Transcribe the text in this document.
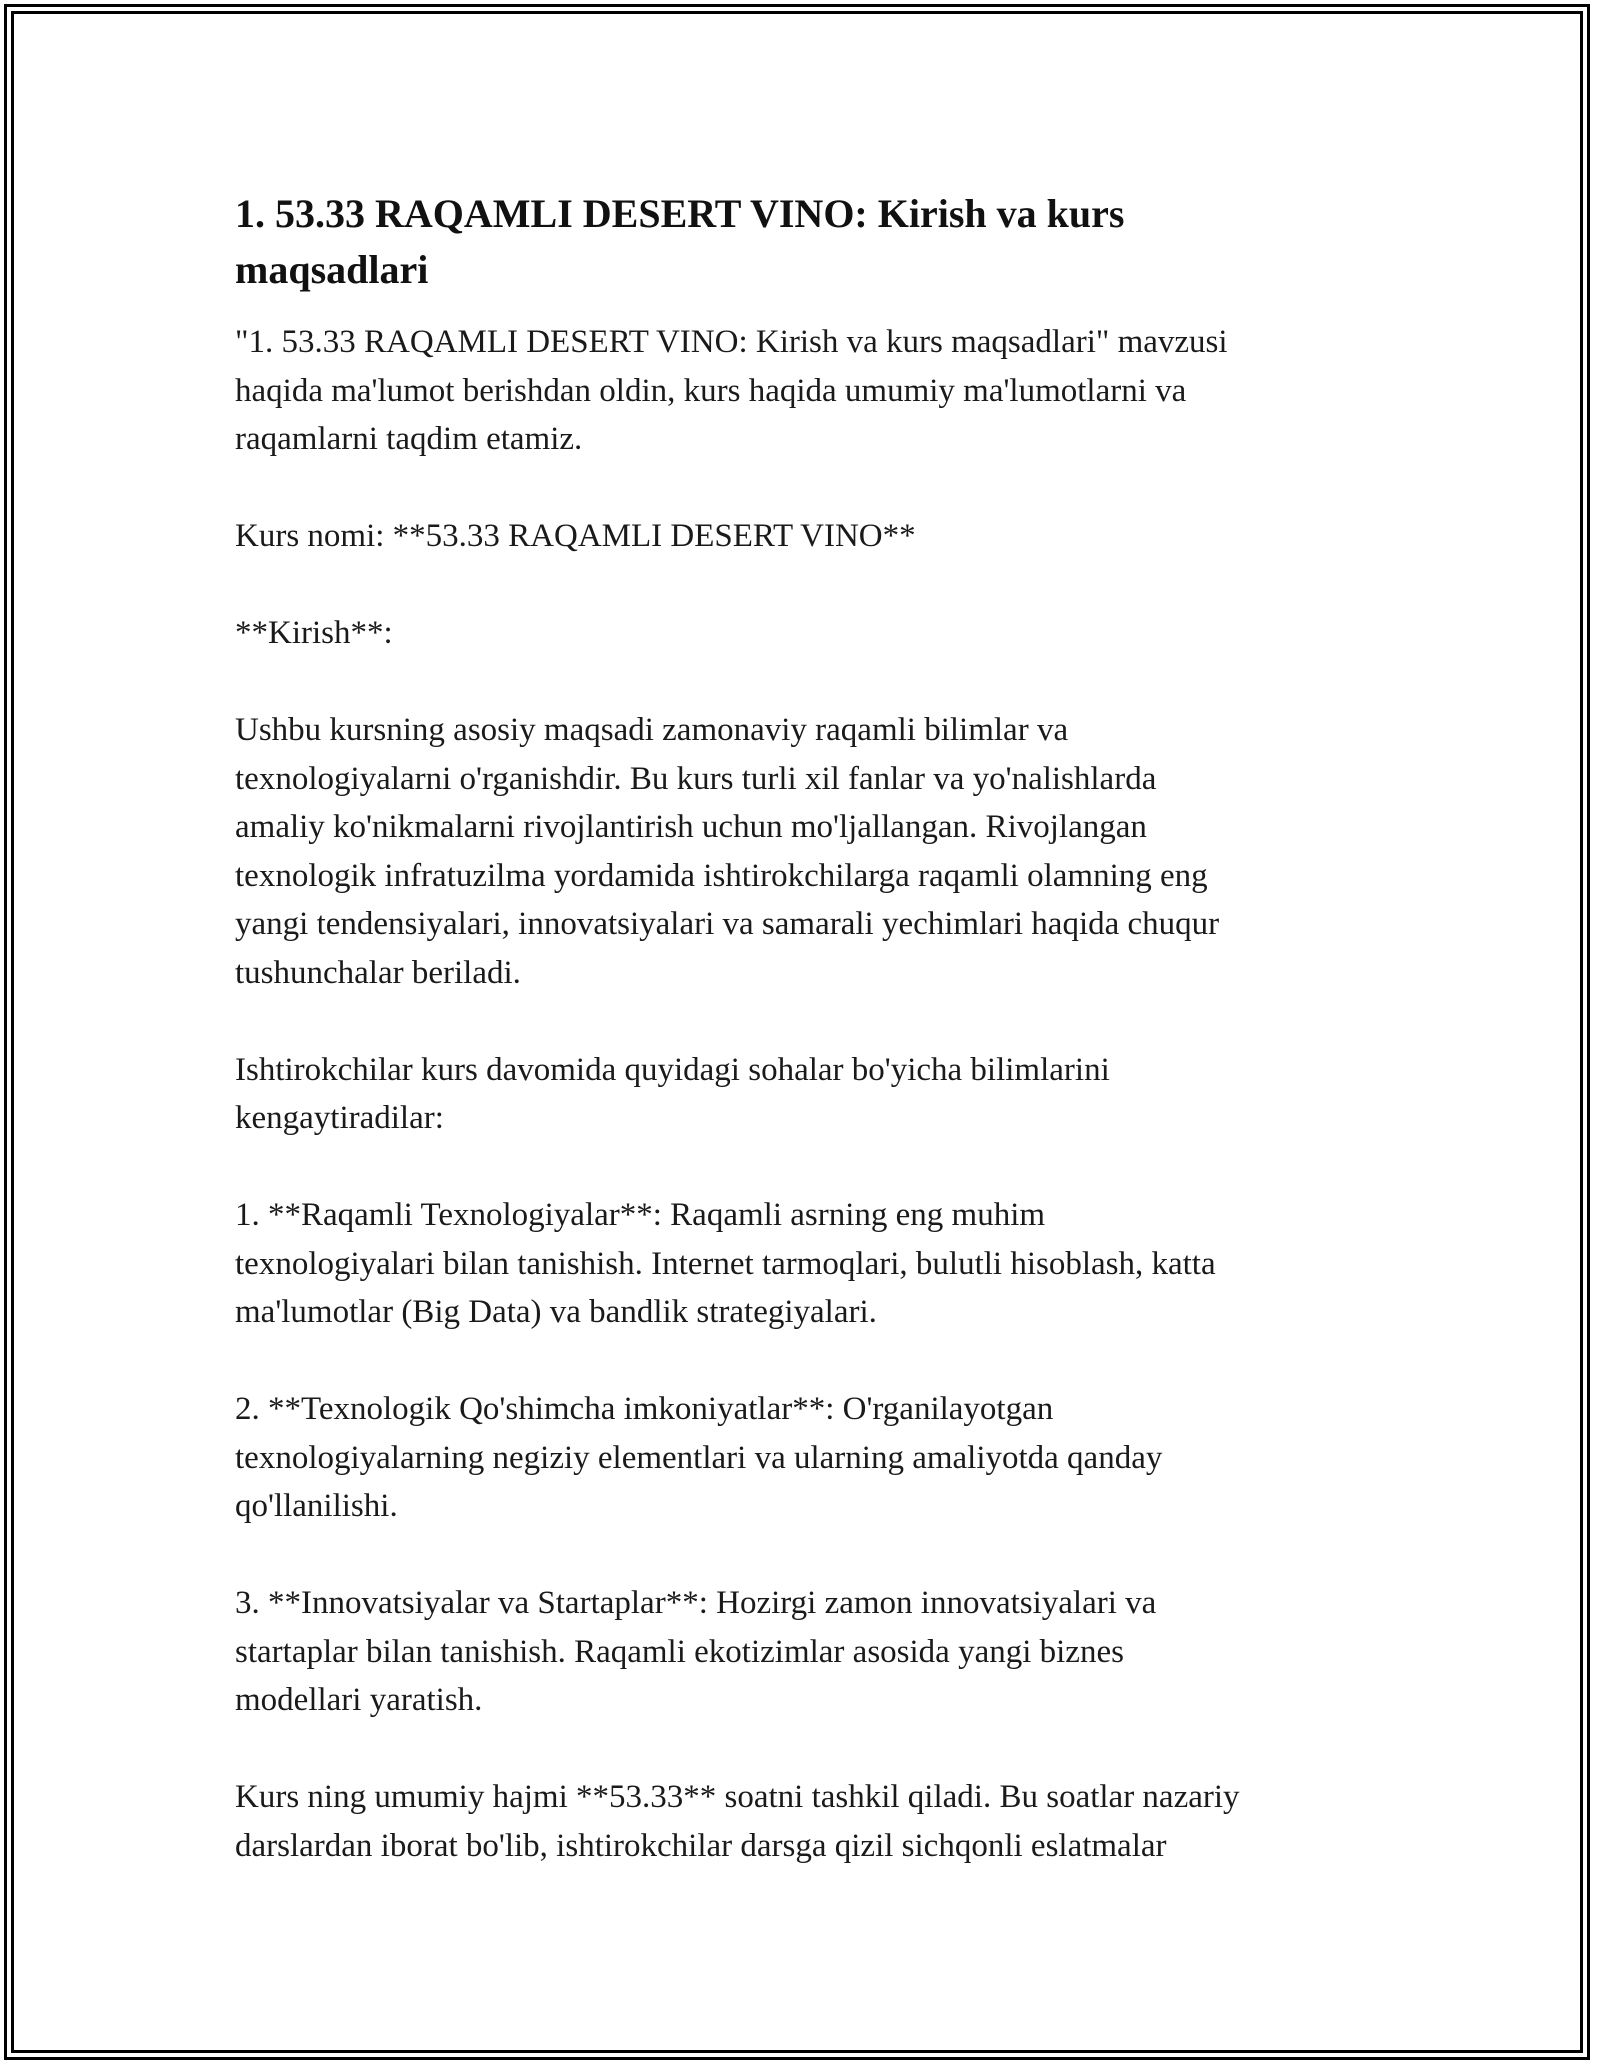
1. 53.33 RAQAMLI DESERT VINO: Kirish va kurs
maqsadlari

"1. 53.33 RAQAMLI DESERT VINO: Kirish va kurs maqsadlari" mavzusi
haqida ma'lumot berishdan oldin, kurs haqida umumiy ma'lumotlarni va
raqamlarni taqdim etamiz.

Kurs nomi: **53.33 RAQAMLI DESERT VINO**

**Kirish**:

Ushbu kursning asosiy maqsadi zamonaviy raqamli bilimlar va
texnologiyalarni o'rganishdir. Bu kurs turli xil fanlar va yo'nalishlarda
amaliy ko'nikmalarni rivojlantirish uchun mo'ljallangan. Rivojlangan
texnologik infratuzilma yordamida ishtirokchilarga raqamli olamning eng
yangi tendensiyalari, innovatsiyalari va samarali yechimlari haqida chuqur
tushunchalar beriladi.

Ishtirokchilar kurs davomida quyidagi sohalar bo'yicha bilimlarini
kengaytiradilar:

1. **Raqamli Texnologiyalar**: Raqamli asrning eng muhim
texnologiyalari bilan tanishish. Internet tarmoqlari, bulutli hisoblash, katta
ma'lumotlar (Big Data) va bandlik strategiyalari.

2. **Texnologik Qo'shimcha imkoniyatlar**: O'rganilayotgan
texnologiyalarning negiziy elementlari va ularning amaliyotda qanday
qo'llanilishi.

3. **Innovatsiyalar va Startaplar**: Hozirgi zamon innovatsiyalari va
startaplar bilan tanishish. Raqamli ekotizimlar asosida yangi biznes
modellari yaratish.

Kurs ning umumiy hajmi **53.33** soatni tashkil qiladi. Bu soatlar nazariy
darslardan iborat bo'lib, ishtirokchilar darsga qizil sichqonli eslatmalar
